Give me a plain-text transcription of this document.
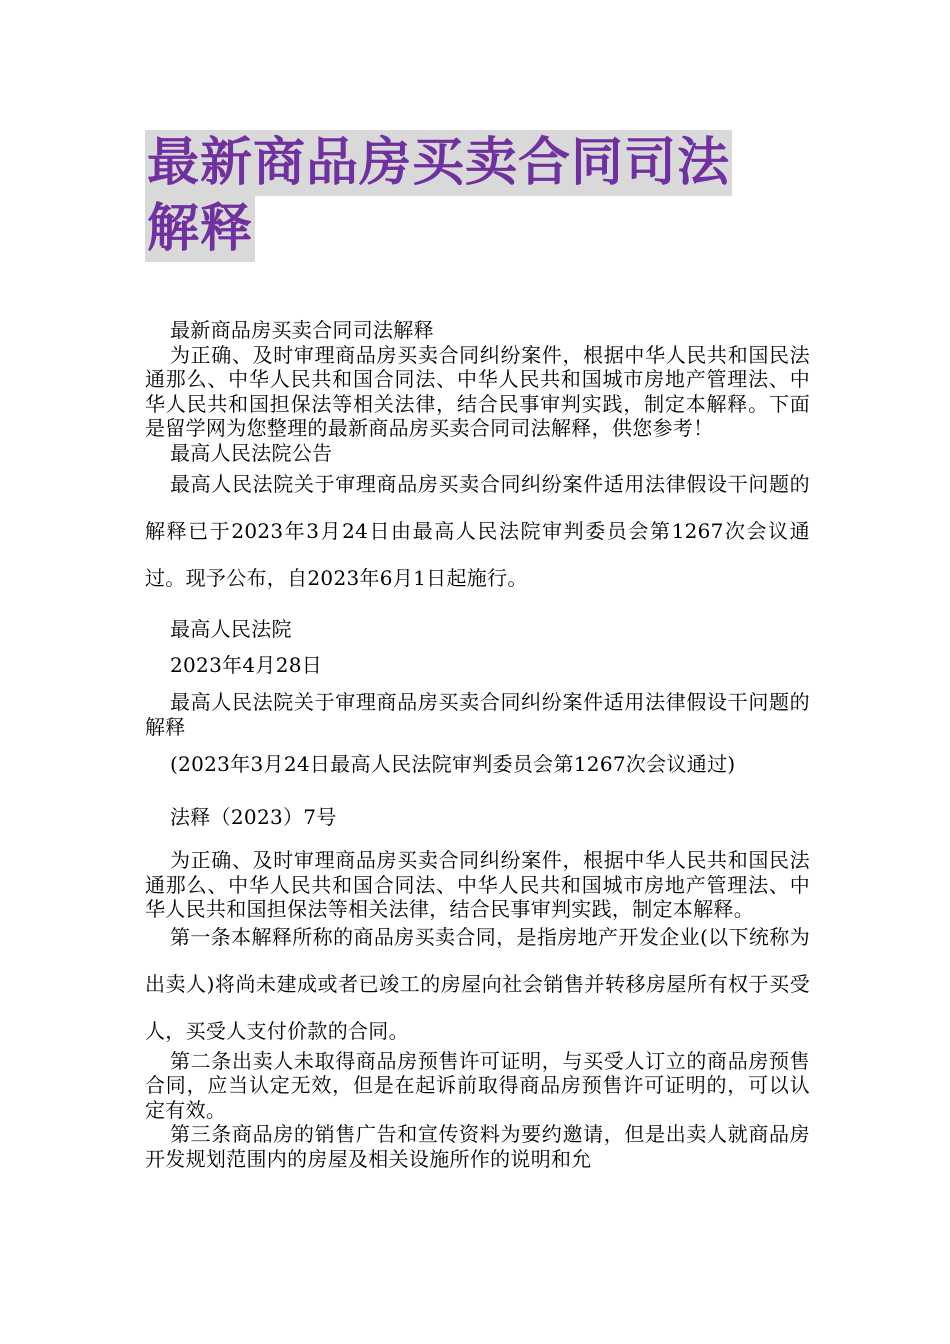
最新商品房买卖合同司法
解释

最新商品房买卖合同司法解释

为正确、及时审理商品房买卖合同纠纷案件，根据中华人民共和国民法通那么、中华人民共和国合同法、中华人民共和国城市房地产管理法、中华人民共和国担保法等相关法律，结合民事审判实践，制定本解释。下面是留学网为您整理的最新商品房买卖合同司法解释，供您参考！

最高人民法院公告

最高人民法院关于审理商品房买卖合同纠纷案件适用法律假设干问题的解释已于2023年3月24日由最高人民法院审判委员会第1267次会议通过。现予公布，自2023年6月1日起施行。

最高人民法院

2023年4月28日

最高人民法院关于审理商品房买卖合同纠纷案件适用法律假设干问题的解释

(2023年3月24日最高人民法院审判委员会第1267次会议通过)

法释（2023）7号

为正确、及时审理商品房买卖合同纠纷案件，根据中华人民共和国民法通那么、中华人民共和国合同法、中华人民共和国城市房地产管理法、中华人民共和国担保法等相关法律，结合民事审判实践，制定本解释。

第一条本解释所称的商品房买卖合同，是指房地产开发企业(以下统称为出卖人)将尚未建成或者已竣工的房屋向社会销售并转移房屋所有权于买受人，买受人支付价款的合同。

第二条出卖人未取得商品房预售许可证明，与买受人订立的商品房预售合同，应当认定无效，但是在起诉前取得商品房预售许可证明的，可以认定有效。

第三条商品房的销售广告和宣传资料为要约邀请，但是出卖人就商品房开发规划范围内的房屋及相关设施所作的说明和允
